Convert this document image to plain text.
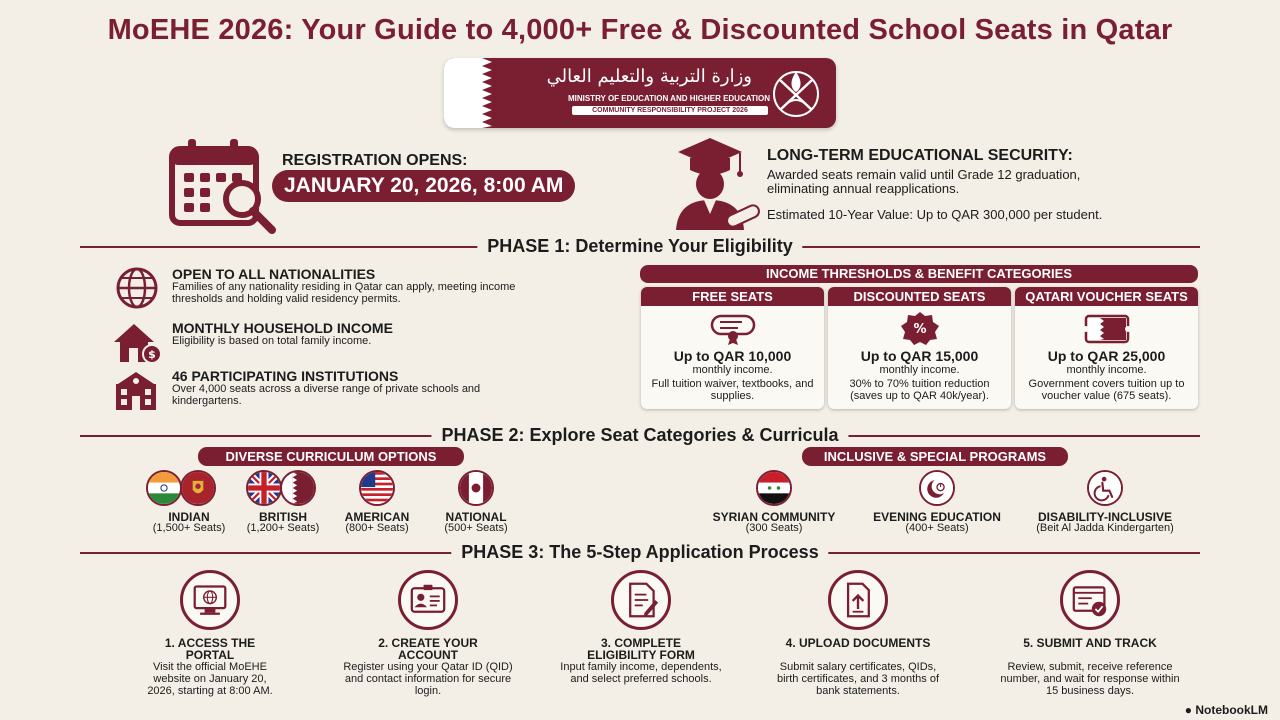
MoEHE 2026: Your Guide to 4,000+ Free & Discounted School Seats in Qatar
وزارة التربية والتعليم العالي
MINISTRY OF EDUCATION AND HIGHER EDUCATION
COMMUNITY RESPONSIBILITY PROJECT 2026
REGISTRATION OPENS:
JANUARY 20, 2026, 8:00 AM
LONG-TERM EDUCATIONAL SECURITY:
Awarded seats remain valid until Grade 12 graduation, eliminating annual reapplications.
Estimated 10-Year Value: Up to QAR 300,000 per student.
PHASE 1: Determine Your Eligibility
OPEN TO ALL NATIONALITIES
Families of any nationality residing in Qatar can apply, meeting income thresholds and holding valid residency permits.
$
MONTHLY HOUSEHOLD INCOME
Eligibility is based on total family income.
46 PARTICIPATING INSTITUTIONS
Over 4,000 seats across a diverse range of private schools and kindergartens.
INCOME THRESHOLDS & BENEFIT CATEGORIES
FREE SEATS
Up to QAR 10,000
monthly income.
Full tuition waiver, textbooks, and supplies.
DISCOUNTED SEATS
%
Up to QAR 15,000
monthly income.
30% to 70% tuition reduction (saves up to QAR 40k/year).
QATARI VOUCHER SEATS
Up to QAR 25,000
monthly income.
Government covers tuition up to voucher value (675 seats).
PHASE 2: Explore Seat Categories & Curricula
DIVERSE CURRICULUM OPTIONS	INCLUSIVE & SPECIAL PROGRAMS
INDIAN
(1,500+ Seats)
BRITISH
(1,200+ Seats)
AMERICAN
(800+ Seats)
NATIONAL
(500+ Seats)
SYRIAN COMMUNITY
(300 Seats)
EVENING EDUCATION
(400+ Seats)
DISABILITY-INCLUSIVE
(Beit Al Jadda Kindergarten)
PHASE 3: The 5-Step Application Process
1. ACCESS THE PORTAL
Visit the official MoEHE website on January 20, 2026, starting at 8:00 AM.
2. CREATE YOUR ACCOUNT
Register using your Qatar ID (QID) and contact information for secure login.
3. COMPLETE ELIGIBILITY FORM
Input family income, dependents, and select preferred schools.
4. UPLOAD DOCUMENTS
Submit salary certificates, QIDs, birth certificates, and 3 months of bank statements.
5. SUBMIT AND TRACK
Review, submit, receive reference number, and wait for response within 15 business days.
● NotebookLM
